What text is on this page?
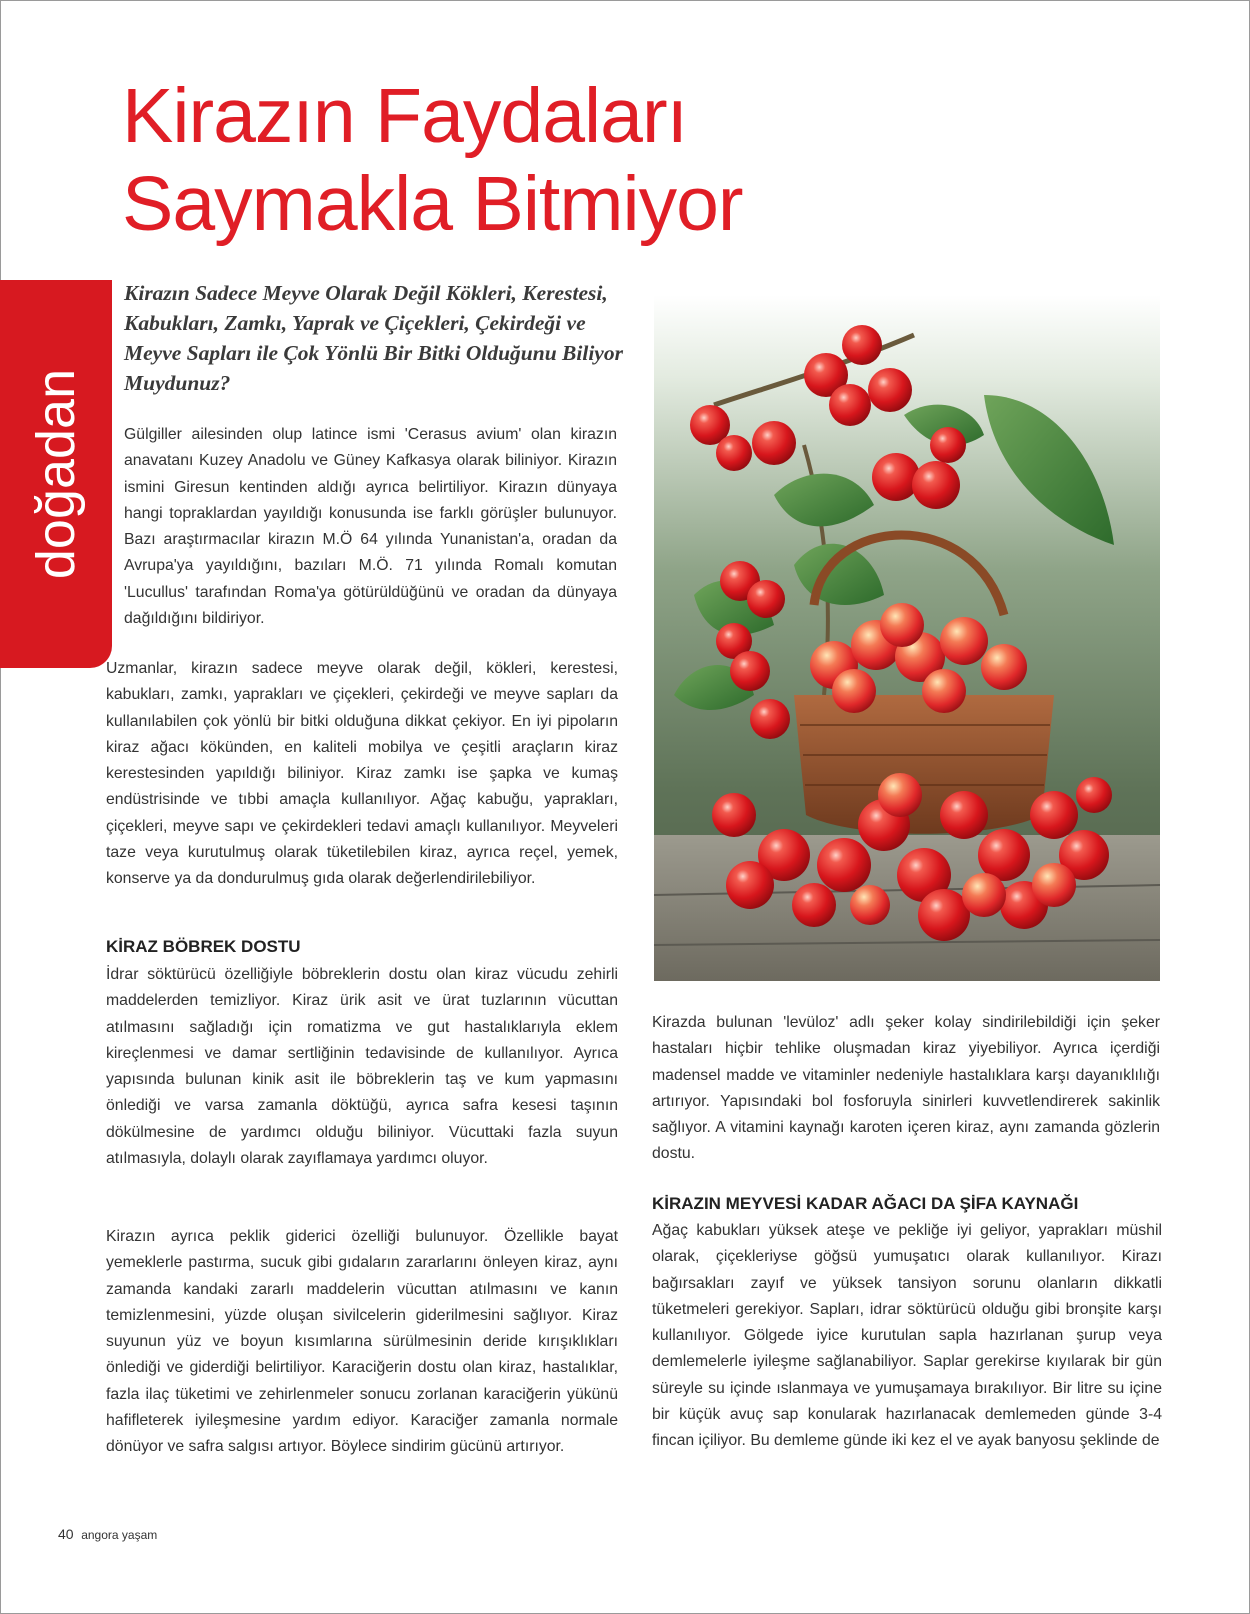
Kirazın Faydaları
Saymakla Bitmiyor
doğadan

Kirazın Sadece Meyve Olarak Değil Kökleri, Kerestesi, Kabukları, Zamkı, Yaprak ve Çiçekleri, Çekirdeği ve Meyve Sapları ile Çok Yönlü Bir Bitki Olduğunu Biliyor Muydunuz?

Gülgiller ailesinden olup latince ismi 'Cerasus avium' olan kirazın anavatanı Kuzey Anadolu ve Güney Kafkasya olarak biliniyor. Kirazın ismini Giresun kentinden aldığı ayrıca belirtiliyor. Kirazın dünyaya hangi topraklardan yayıldığı konusunda ise farklı görüşler bulunuyor. Bazı araştırmacılar kirazın M.Ö 64 yılında Yunanistan'a, oradan da Avrupa'ya yayıldığını, bazıları M.Ö. 71 yılında Romalı komutan 'Lucullus' tarafından Roma'ya götürüldüğünü ve oradan da dünyaya dağıldığını bildiriyor.

Uzmanlar, kirazın sadece meyve olarak değil, kökleri, kerestesi, kabukları, zamkı, yaprakları ve çiçekleri, çekirdeği ve meyve sapları da kullanılabilen çok yönlü bir bitki olduğuna dikkat çekiyor. En iyi pipoların kiraz ağacı kökünden, en kaliteli mobilya ve çeşitli araçların kiraz kerestesinden yapıldığı biliniyor. Kiraz zamkı ise şapka ve kumaş endüstrisinde ve tıbbi amaçla kullanılıyor. Ağaç kabuğu, yaprakları, çiçekleri, meyve sapı ve çekirdekleri tedavi amaçlı kullanılıyor. Meyveleri taze veya kurutulmuş olarak tüketilebilen kiraz, ayrıca reçel, yemek, konserve ya da dondurulmuş gıda olarak değerlendirilebiliyor.

KİRAZ BÖBREK DOSTU

İdrar söktürücü özelliğiyle böbreklerin dostu olan kiraz vücudu zehirli maddelerden temizliyor. Kiraz ürik asit ve ürat tuzlarının vücuttan atılmasını sağladığı için romatizma ve gut hastalıklarıyla eklem kireçlenmesi ve damar sertliğinin tedavisinde de kullanılıyor. Ayrıca yapısında bulunan kinik asit ile böbreklerin taş ve kum yapmasını önlediği ve varsa zamanla döktüğü, ayrıca safra kesesi taşının dökülmesine de yardımcı olduğu biliniyor. Vücuttaki fazla suyun atılmasıyla, dolaylı olarak zayıflamaya yardımcı oluyor.

Kirazın ayrıca peklik giderici özelliği bulunuyor. Özellikle bayat yemeklerle pastırma, sucuk gibi gıdaların zararlarını önleyen kiraz, aynı zamanda kandaki zararlı maddelerin vücuttan atılmasını ve kanın temizlenmesini, yüzde oluşan sivilcelerin giderilmesini sağlıyor. Kiraz suyunun yüz ve boyun kısımlarına sürülmesinin deride kırışıklıkları önlediği ve giderdiği belirtiliyor. Karaciğerin dostu olan kiraz, hastalıklar, fazla ilaç tüketimi ve zehirlenmeler sonucu zorlanan karaciğerin yükünü hafifleterek iyileşmesine yardım ediyor. Karaciğer zamanla normale dönüyor ve safra salgısı artıyor. Böylece sindirim gücünü artırıyor.

Kirazda bulunan 'levüloz' adlı şeker kolay sindirilebildiği için şeker hastaları hiçbir tehlike oluşmadan kiraz yiyebiliyor. Ayrıca içerdiği madensel madde ve vitaminler nedeniyle hastalıklara karşı dayanıklılığı artırıyor. Yapısındaki bol fosforuyla sinirleri kuvvetlendirerek sakinlik sağlıyor. A vitamini kaynağı karoten içeren kiraz, aynı zamanda gözlerin dostu.

KİRAZIN MEYVESİ KADAR AĞACI DA ŞİFA KAYNAĞI

Ağaç kabukları yüksek ateşe ve pekliğe iyi geliyor, yaprakları müshil olarak, çiçekleriyse göğsü yumuşatıcı olarak kullanılıyor. Kirazı bağırsakları zayıf ve yüksek tansiyon sorunu olanların dikkatli tüketmeleri gerekiyor. Sapları, idrar söktürücü olduğu gibi bronşite karşı kullanılıyor. Gölgede iyice kurutulan sapla hazırlanan şurup veya demlemelerle iyileşme sağlanabiliyor. Saplar gerekirse kıyılarak bir gün süreyle su içinde ıslanmaya ve yumuşamaya bırakılıyor. Bir litre su içine bir küçük avuç sap konularak hazırlanacak demlemeden günde 3-4 fincan içiliyor. Bu demleme günde iki kez el ve ayak banyosu şeklinde de

40 angora yaşam
